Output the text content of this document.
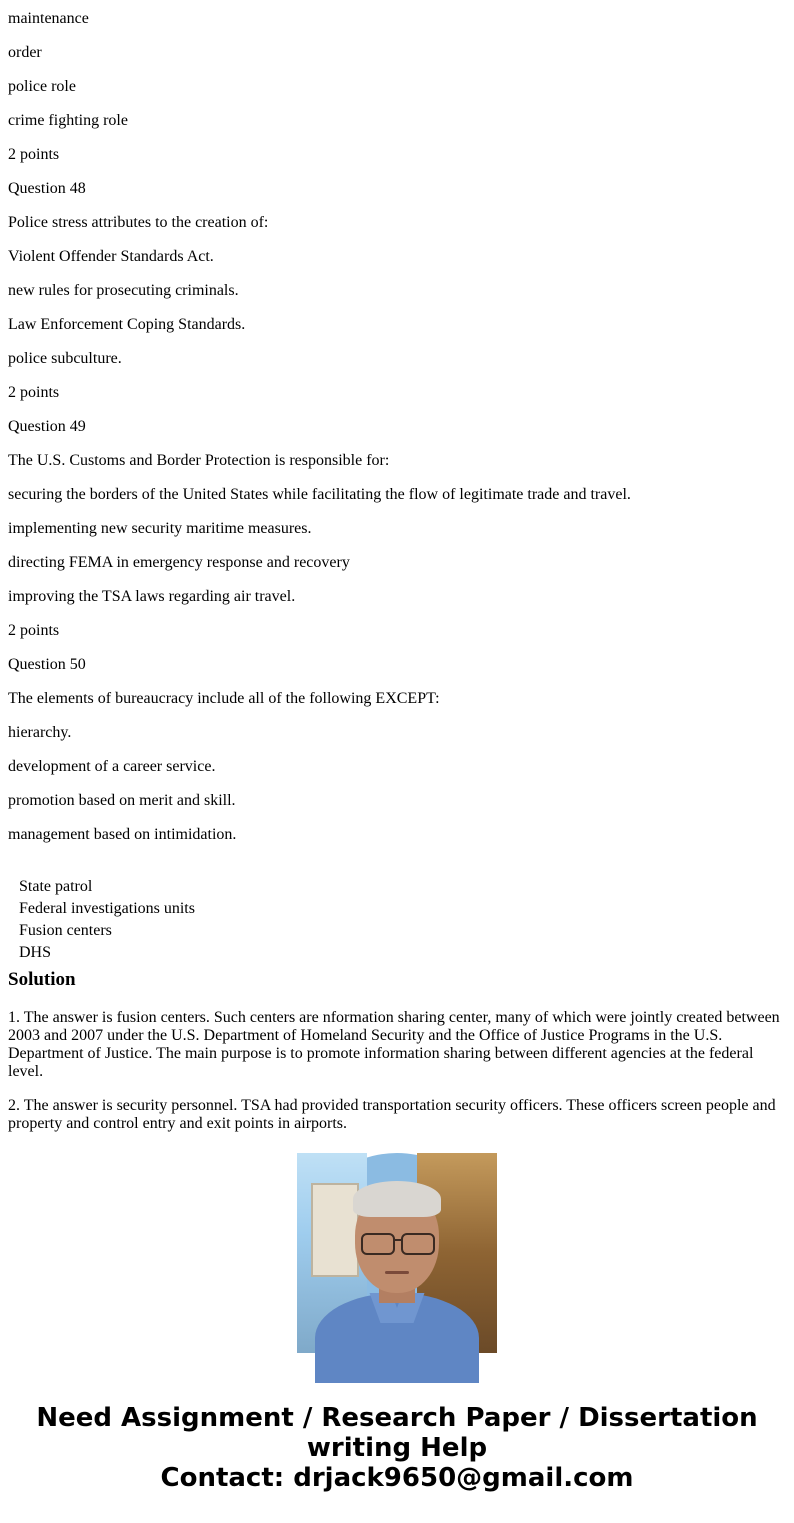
maintenance

order

police role

crime fighting role

2 points

Question 48

Police stress attributes to the creation of:

Violent Offender Standards Act.

new rules for prosecuting criminals.

Law Enforcement Coping Standards.

police subculture.

2 points

Question 49

The U.S. Customs and Border Protection is responsible for:

securing the borders of the United States while facilitating the flow of legitimate trade and travel.

implementing new security maritime measures.

directing FEMA in emergency response and recovery

improving the TSA laws regarding air travel.

2 points

Question 50

The elements of bureaucracy include all of the following EXCEPT:

hierarchy.

development of a career service.

promotion based on merit and skill.

management based on intimidation.

State patrol
Federal investigations units
Fusion centers
DHS
Solution

1. The answer is fusion centers. Such centers are nformation sharing center, many of which were jointly created between 2003 and 2007 under the U.S. Department of Homeland Security and the Office of Justice Programs in the U.S. Department of Justice. The main purpose is to promote information sharing between different agencies at the federal level.

2. The answer is security personnel. TSA had provided transportation security officers. These officers screen people and property and control entry and exit points in airports.

Need Assignment / Research Paper / Dissertation
writing Help
Contact: drjack9650@gmail.com
